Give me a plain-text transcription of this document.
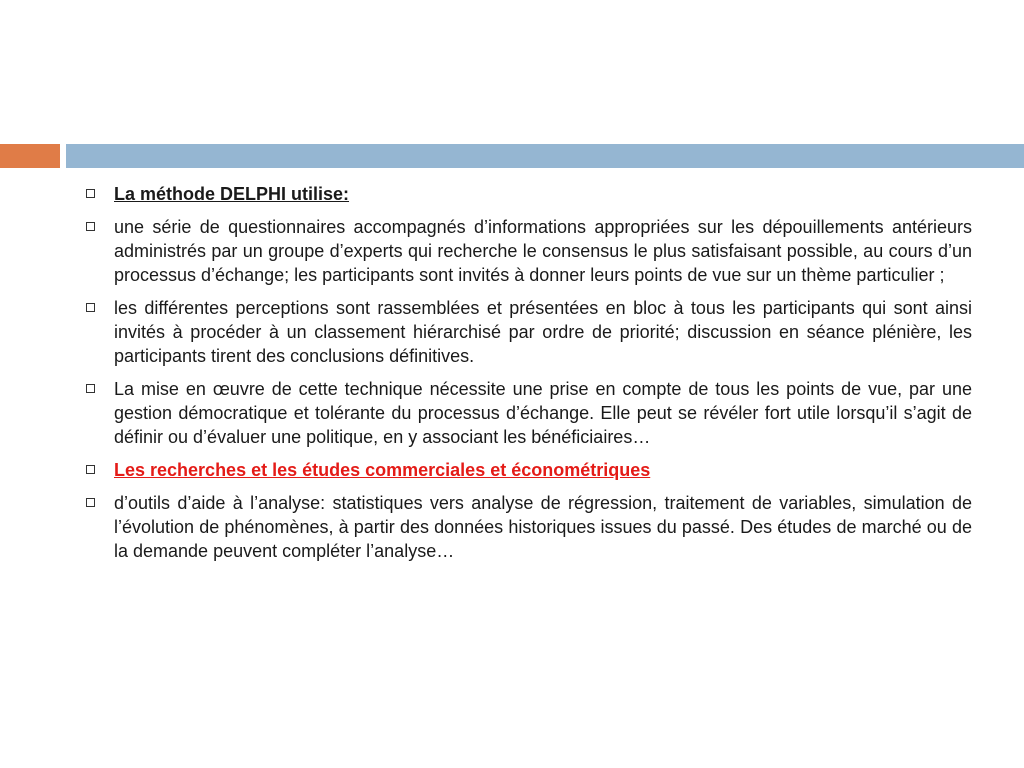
La méthode DELPHI utilise:
une série de questionnaires accompagnés d’informations appropriées sur les dépouillements antérieurs administrés par un groupe d’experts qui recherche le consensus le plus satisfaisant possible, au cours d’un processus d’échange; les participants sont invités à donner leurs points de vue sur un thème particulier ;
les différentes perceptions sont rassemblées et présentées en bloc à tous les participants qui sont ainsi invités à procéder à un classement hiérarchisé par ordre de priorité; discussion en séance plénière, les participants tirent des conclusions définitives.
La mise en œuvre de cette technique nécessite une prise en compte de tous les points de vue, par une gestion démocratique et tolérante du processus d’échange. Elle peut se révéler fort utile lorsqu’il s’agit de définir ou d’évaluer une politique, en y associant les bénéficiaires…
Les recherches et les études commerciales et économétriques
d’outils d’aide à l’analyse: statistiques vers analyse de régression, traitement de variables, simulation de l’évolution de phénomènes, à partir des données historiques issues du passé. Des études de marché ou de la demande peuvent compléter l’analyse…
